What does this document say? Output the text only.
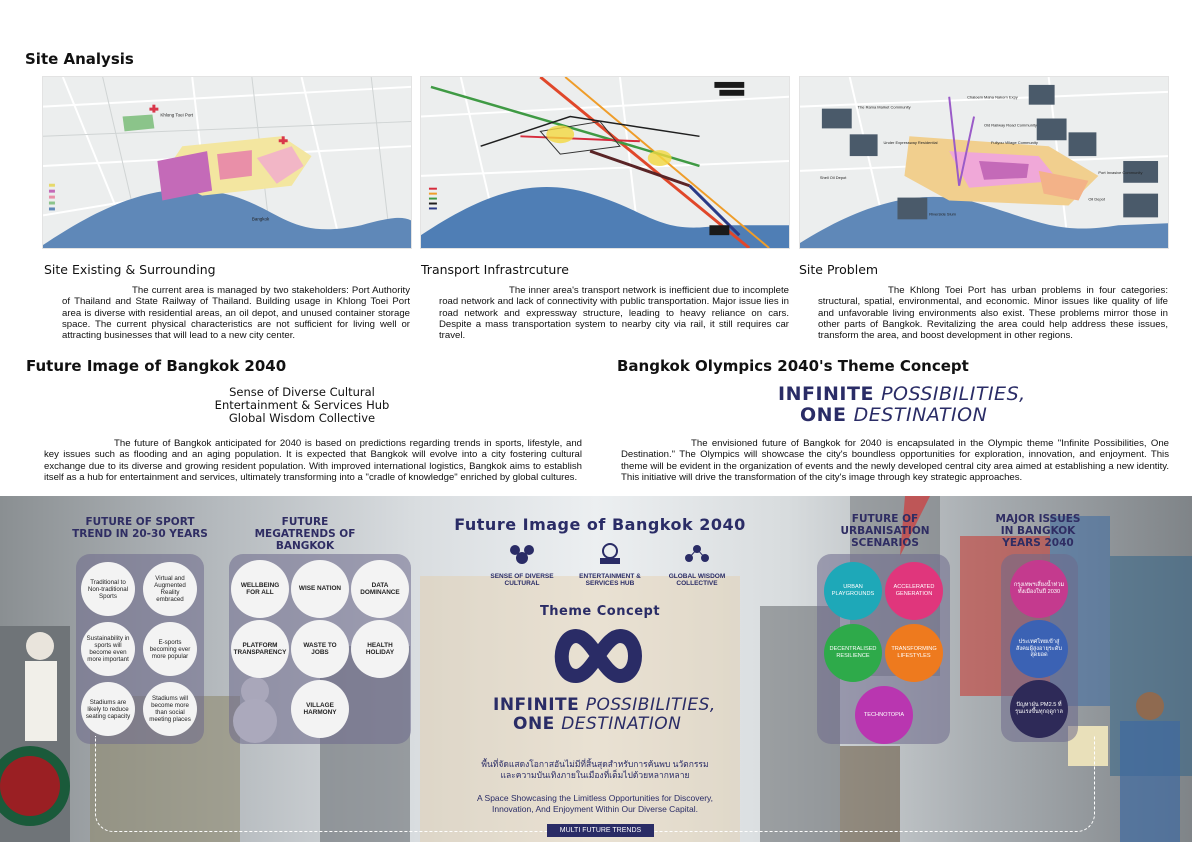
Site Analysis
Khlong Toei Port
Bangkok
Chaloem Maha Nakorn Expy
The Rama Market Community
Old Railway Road Community
Under Expressway Residential	Fullyou Village Community
Shell Oil Depot
Port Invasive Community
Riverside Slum
Oil Depot
Site Existing & Surrounding	Transport Infrastrcuture	Site Problem

The current area is managed by two stakeholders: Port Authority of Thailand and State Railway of Thailand. Building usage in Khlong Toei Port area is diverse with residential areas, an oil depot, and unused container storage space. The current physical characteristics are not sufficient for living well or attracting businesses that will lead to a new city center.

The inner area's transport network is inefficient due to incomplete road network and lack of connectivity with public transportation. Major issue lies in road network and expressway structure, leading to heavy reliance on cars. Despite a mass transportation system to nearby city via rail, it still requires car travel.

The Khlong Toei Port has urban problems in four categories: structural, spatial, environmental, and economic. Minor issues like quality of life and unfavorable living environments also exist. These problems mirror those in other parts of Bangkok. Revitalizing the area could help address these issues, transform the area, and boost development in other regions.

Future Image of Bangkok 2040
Sense of Diverse Cultural
Entertainment & Services Hub
Global Wisdom Collective

The future of Bangkok anticipated for 2040 is based on predictions regarding trends in sports, lifestyle, and key issues such as flooding and an aging population. It is expected that Bangkok will evolve into a city fostering cultural exchange due to its diverse and growing resident population. With improved international logistics, Bangkok aims to establish itself as a hub for entertainment and services, ultimately transforming into a "cradle of knowledge" enriched by global cultures.

Bangkok Olympics 2040's Theme Concept
INFINITE POSSIBILITIES,
ONE DESTINATION

The envisioned future of Bangkok for 2040 is encapsulated in the Olympic theme "Infinite Possibilities, One Destination." The Olympics will showcase the city's boundless opportunities for exploration, innovation, and enjoyment. This theme will be evident in the organization of events and the newly developed central city area aimed at establishing a new identity. This initiative will drive the transformation of the city's image through key strategic approaches.

FUTURE OF SPORT TREND IN 20-30 YEARS
Traditional to Non-traditional Sports
Virtual and Augmented Reality embraced
Sustainability in sports will become even more important
E-sports becoming ever more popular
Stadiums are likely to reduce seating capacity
Stadiums will become more than social meeting places
FUTURE MEGATRENDS OF BANGKOK
WELLBEING FOR ALL
WISE NATION
DATA DOMINANCE
PLATFORM TRANSPARENCY
WASTE TO JOBS
HEALTH HOLIDAY
VILLAGE HARMONY
Future Image of Bangkok 2040
SENSE OF DIVERSE CULTURAL
ENTERTAINMENT & SERVICES HUB
GLOBAL WISDOM COLLECTIVE
Theme Concept
INFINITE POSSIBILITIES,
ONE DESTINATION
พื้นที่จัดแสดงโอกาสอันไม่มีที่สิ้นสุดสำหรับการค้นพบ นวัตกรรม
และความบันเทิงภายในเมืองที่เต็มไปด้วยหลากหลาย
A Space Showcasing the Limitless Opportunities for Discovery,
Innovation, And Enjoyment Within Our Diverse Capital.
MULTI FUTURE TRENDS
FUTURE OF URBANISATION SCENARIOS
URBAN PLAYGROUNDS
ACCELERATED GENERATION
DECENTRALISED RESILIENCE
TRANSFORMING LIFESTYLES
TECHNOTOPIA
MAJOR ISSUES IN BANGKOK YEARS 2040
กรุงเทพฯเสี่ยงน้ำท่วมทั้งเมืองในปี 2030
ประเทศไทยเข้าสู่สังคมผู้สูงอายุระดับสุดยอด
ปัญหาฝุ่น PM2.5 ที่รุนแรงขึ้นทุกฤดูกาล
